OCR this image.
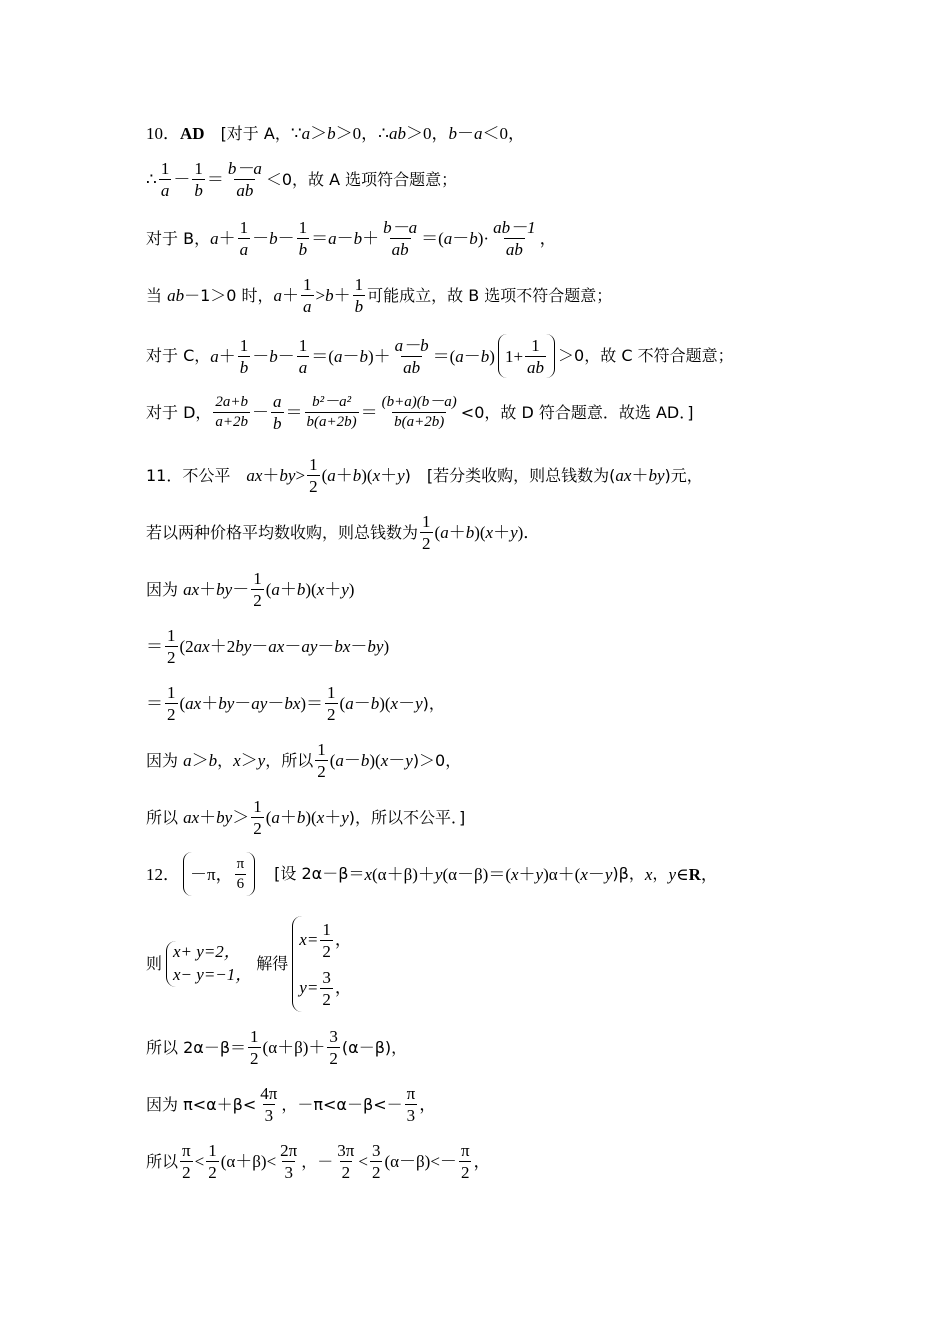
10． AD 　[对于 A， ∵ a ＞ b ＞0， ∴ ab ＞0， b － a ＜0，
∴ $\frac{1}{a} - \frac{1}{b} = \frac{b-a}{ab} <0$，故 A 选项符合题意；
对于 B， $a + \frac{1}{a} - b - \frac{1}{b} = a - b + \frac{b-a}{ab}$ ＝( a － b )· $\frac{ab-1}{ab}$ ，
当 ab －1＞0 时， $a + \frac{1}{a} > b + \frac{1}{b}$ 可能成立，故 B 选项不符合题意；
对于 C， $a + \frac{1}{b} - b - \frac{1}{a}$ ＝( a － b )＋ $\frac{a-b}{ab}$ ＝( a － b ) $1+ \frac{1}{ab} >0$，故 C 不符合题意；
对于 D， $\frac{2a+b}{a+2b} - \frac{a}{b} = \frac{\text{b²－a²}}{b(a+2b)} = \frac{(b+a)(b-a)}{b(a+2b)} <0$，故 D 符合题意．故选 AD．]
11．不公平　 ax ＋ by > $\frac{1}{2}$ ( a ＋ b )( x ＋ y )　[若分类收购，则总钱数为( ax ＋ by )元，
若以两种价格平均数收购，则总钱数为 $\frac{1}{2}$ ( a ＋ b )( x ＋ y )．
因为 ax ＋ by － $\frac{1}{2}$ ( a ＋ b )( x ＋ y )
＝ $\frac{1}{2} (2$ ax ＋2 by － ax － ay － bx － by )
＝ $\frac{1}{2}$ ( ax ＋ by － ay － bx )＝ $\frac{1}{2}$ ( a － b )( x － y )，
因为 a ＞ b ， x ＞ y ，所以 $\frac{1}{2}$ ( a － b )( x － y )＞0，
所以 ax ＋ by ＞ $\frac{1}{2}$ ( a ＋ b )( x ＋ y )，所以不公平．]
12． －π， $\frac{\pi}{6}$ 　[设 2α－β＝ x (α＋β)＋ y (α－β)＝( x ＋ y )α＋( x － y )β， x ， y ∈ R ，
则
x+ y=2，
x− y=−1，
解得
$x= \frac{1}{2}$ ，
$y= \frac{3}{2}$ ，
所以 $2\alpha-\beta= \frac{1}{2} (\alpha+\beta)+ \frac{3}{2} (\alpha-\beta)$，
因为 $\pi<\alpha+\beta< \frac{4\pi}{3}$ ，$-\pi<\alpha-\beta<- \frac{\pi}{3}$ ，
所以 $\frac{\pi}{2} < \frac{1}{2} (\alpha+\beta)< \frac{2\pi}{3}$ ，－ $\frac{3\pi}{2} < \frac{3}{2} (\alpha-\beta)<- \frac{\pi}{2}$ ，
